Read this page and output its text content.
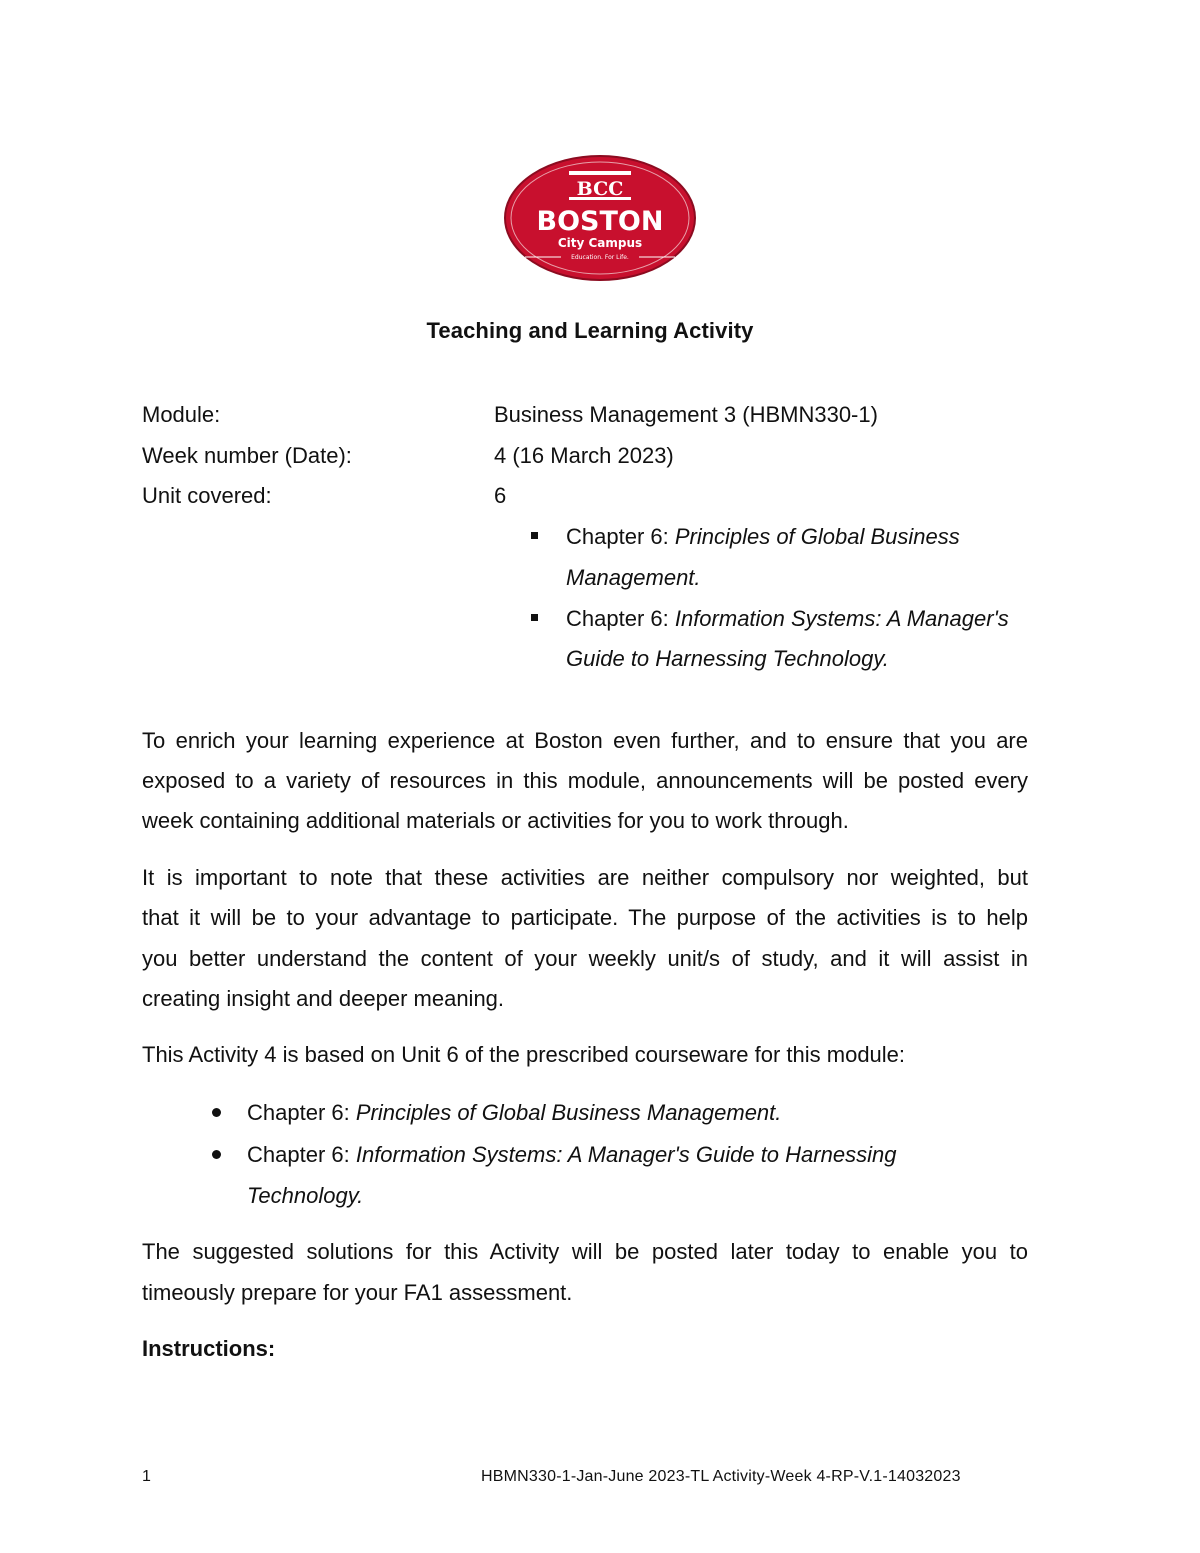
BCC
BOSTON
City Campus
Education. For Life.
Teaching and Learning Activity
Module:	Business Management 3 (HBMN330-1)
Week number (Date):	4 (16 March 2023)
Unit covered:	6
Chapter 6: Principles of Global Business
Management.
Chapter 6: Information Systems: A Manager's
Guide to Harnessing Technology.
To enrich your learning experience at Boston even further, and to ensure that you are
exposed to a variety of resources in this module, announcements will be posted every
week containing additional materials or activities for you to work through.
It is important to note that these activities are neither compulsory nor weighted, but
that it will be to your advantage to participate. The purpose of the activities is to help
you better understand the content of your weekly unit/s of study, and it will assist in
creating insight and deeper meaning.
This Activity 4 is based on Unit 6 of the prescribed courseware for this module:
Chapter 6: Principles of Global Business Management.
Chapter 6: Information Systems: A Manager's Guide to Harnessing
Technology.
The suggested solutions for this Activity will be posted later today to enable you to
timeously prepare for your FA1 assessment.
Instructions:
1	HBMN330-1-Jan-June 2023-TL Activity-Week 4-RP-V.1-14032023
